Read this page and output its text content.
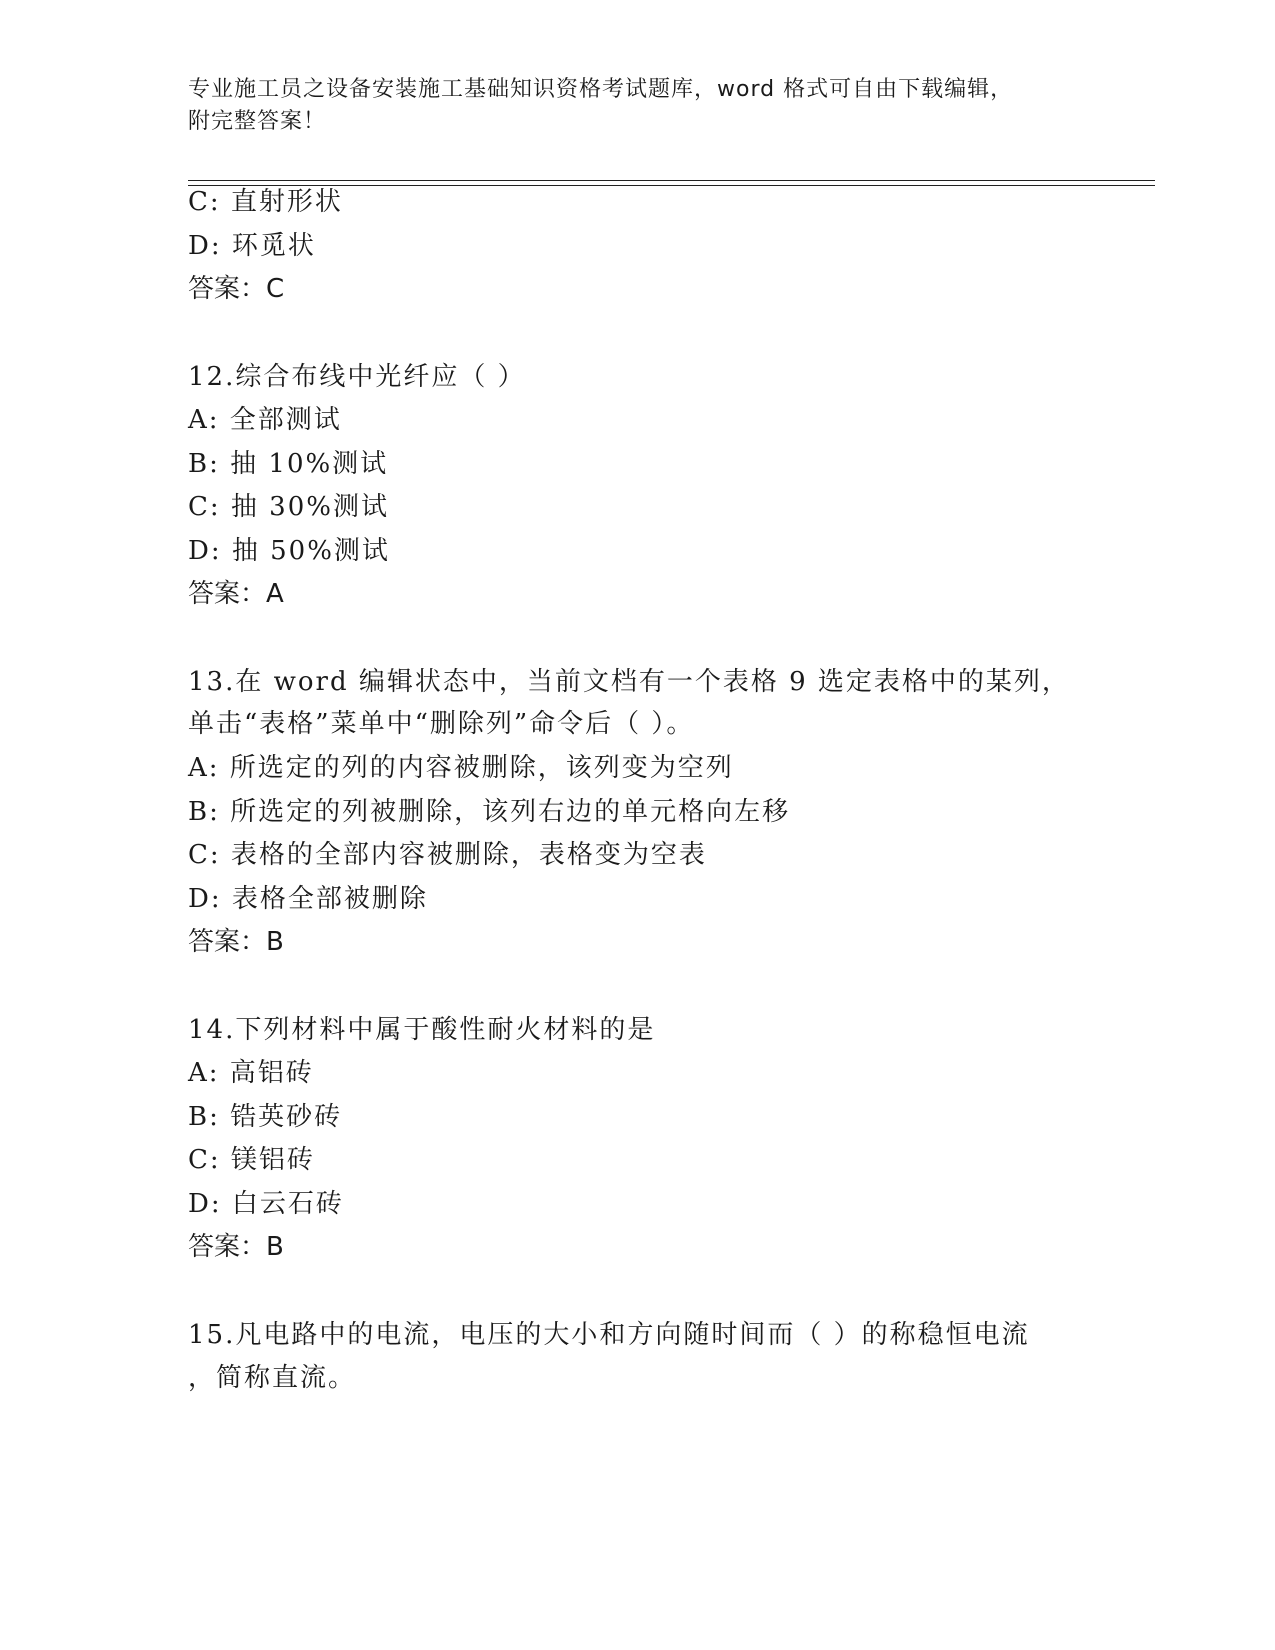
专业施工员之设备安装施工基础知识资格考试题库，word 格式可自由下载编辑，
附完整答案！
C: 直射形状
D: 环觅状
答案：C
12.综合布线中光纤应（ ）
A: 全部测试
B: 抽 10%测试
C: 抽 30%测试
D: 抽 50%测试
答案：A
13.在 word 编辑状态中，当前文档有一个表格 9 选定表格中的某列，
单击“表格”菜单中“删除列”命令后（ ）。
A: 所选定的列的内容被删除，该列变为空列
B: 所选定的列被删除，该列右边的单元格向左移
C: 表格的全部内容被删除，表格变为空表
D: 表格全部被删除
答案：B
14.下列材料中属于酸性耐火材料的是
A: 高铝砖
B: 锆英砂砖
C: 镁铝砖
D: 白云石砖
答案：B
15.凡电路中的电流，电压的大小和方向随时间而（ ）的称稳恒电流
，简称直流。
